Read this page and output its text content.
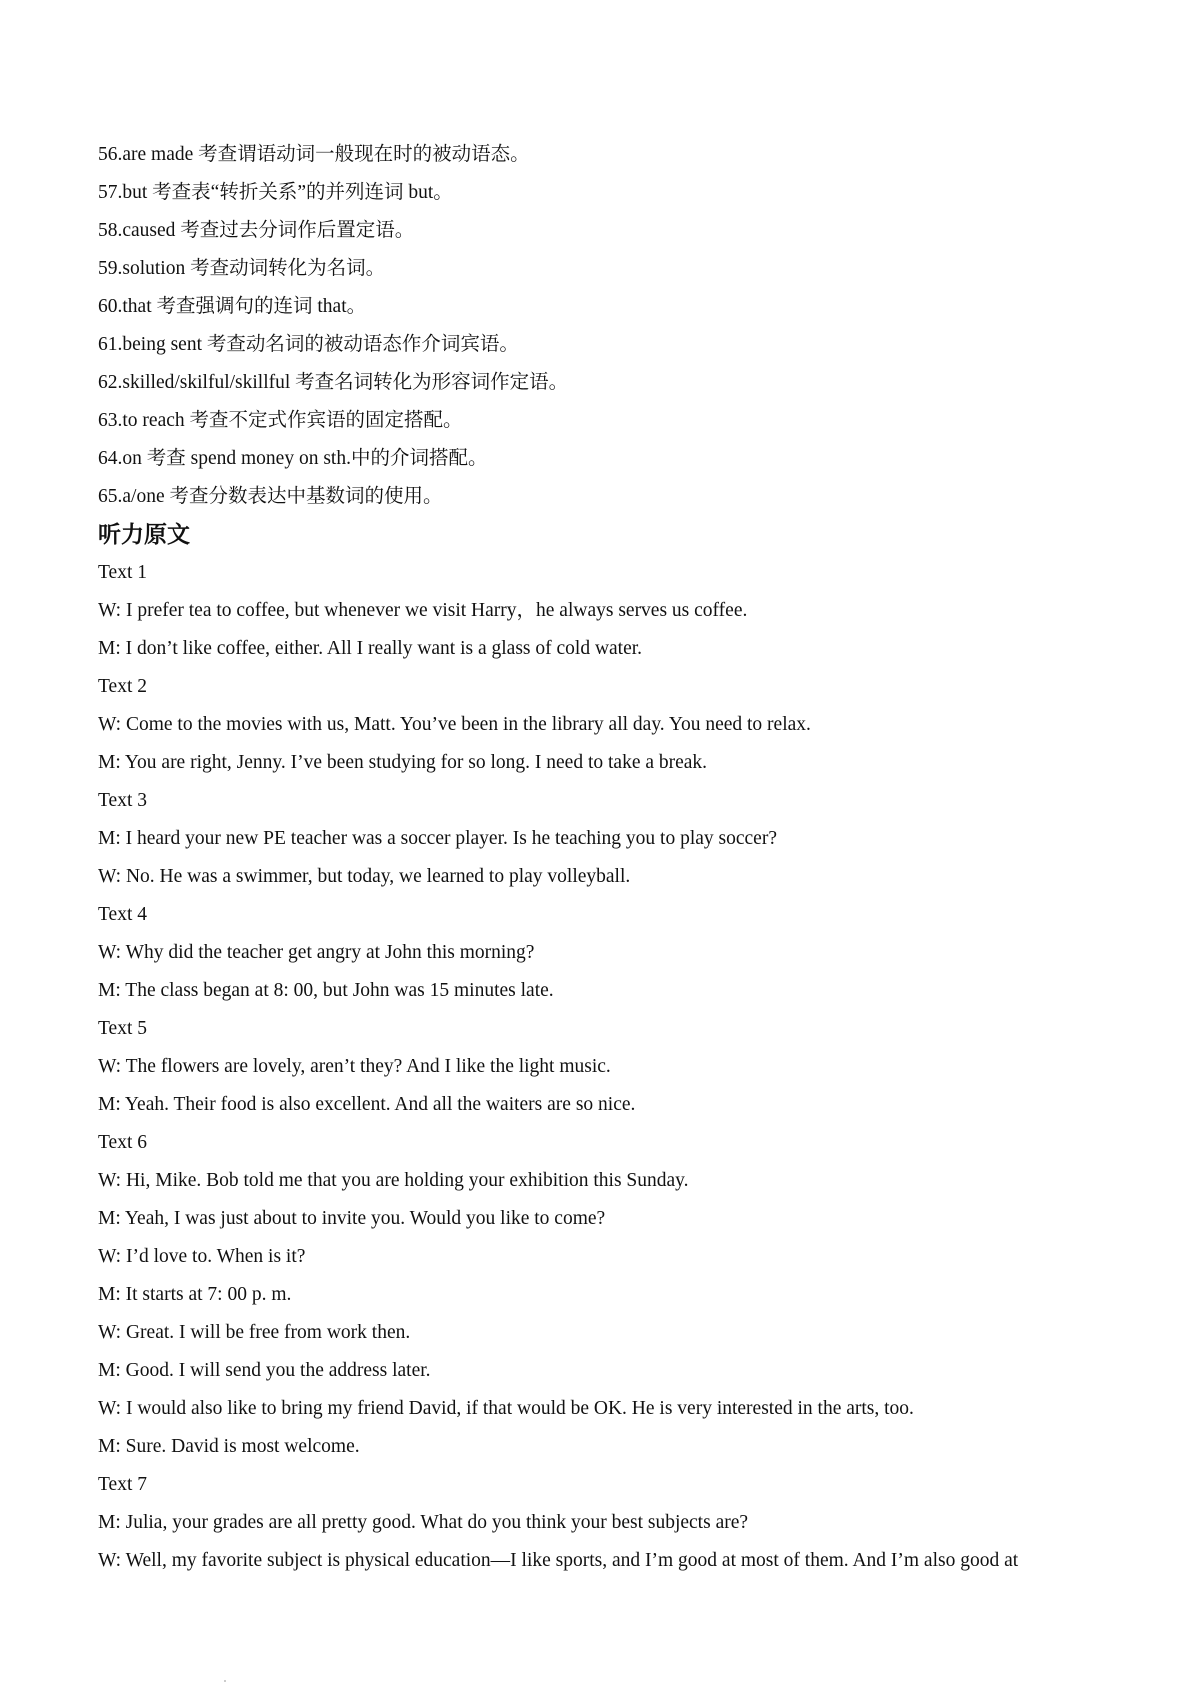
56.are made 考查谓语动词一般现在时的被动语态。
57.but 考查表“转折关系”的并列连词 but。
58.caused 考查过去分词作后置定语。
59.solution 考查动词转化为名词。
60.that 考查强调句的连词 that。
61.being sent 考查动名词的被动语态作介词宾语。
62.skilled/skilful/skillful 考查名词转化为形容词作定语。
63.to reach 考查不定式作宾语的固定搭配。
64.on 考查 spend money on sth.中的介词搭配。
65.a/one 考查分数表达中基数词的使用。
听力原文
Text 1
W: I prefer tea to coffee, but whenever we visit Harry，he always serves us coffee.
M: I don’t like coffee, either. All I really want is a glass of cold water.
Text 2
W: Come to the movies with us, Matt. You’ve been in the library all day. You need to relax.
M: You are right, Jenny. I’ve been studying for so long. I need to take a break.
Text 3
M: I heard your new PE teacher was a soccer player. Is he teaching you to play soccer?
W: No. He was a swimmer, but today, we learned to play volleyball.
Text 4
W: Why did the teacher get angry at John this morning?
M: The class began at 8: 00, but John was 15 minutes late.
Text 5
W: The flowers are lovely, aren’t they? And I like the light music.
M: Yeah. Their food is also excellent. And all the waiters are so nice.
Text 6
W: Hi, Mike. Bob told me that you are holding your exhibition this Sunday.
M: Yeah, I was just about to invite you. Would you like to come?
W: I’d love to. When is it?
M: It starts at 7: 00 p. m.
W: Great. I will be free from work then.
M: Good. I will send you the address later.
W: I would also like to bring my friend David, if that would be OK. He is very interested in the arts, too.
M: Sure. David is most welcome.
Text 7
M: Julia, your grades are all pretty good. What do you think your best subjects are?
W: Well, my favorite subject is physical education—I like sports, and I’m good at most of them. And I’m also good at
